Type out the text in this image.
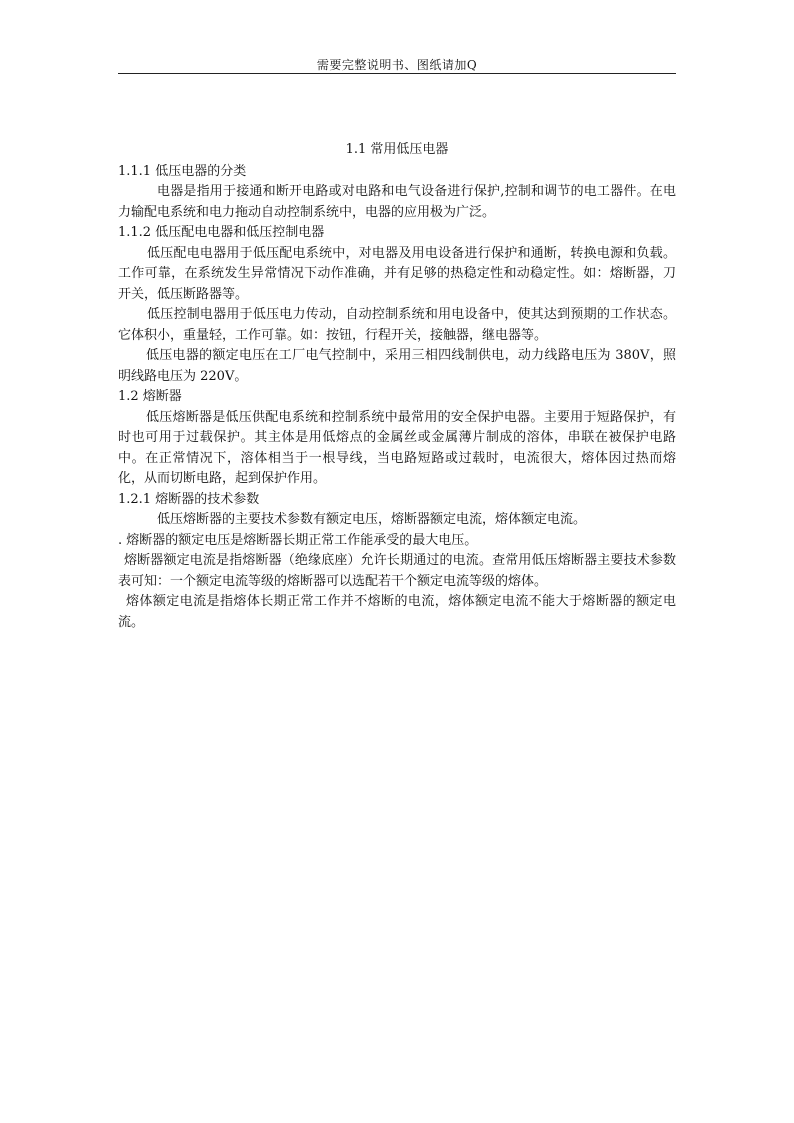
需要完整说明书、图纸请加Q

1.1 常用低压电器

1.1.1 低压电器的分类

电器是指用于接通和断开电路或对电路和电气设备进行保护,控制和调节的电工器件。在电力输配电系统和电力拖动自动控制系统中，电器的应用极为广泛。

1.1.2 低压配电电器和低压控制电器

低压配电电器用于低压配电系统中，对电器及用电设备进行保护和通断，转换电源和负载。工作可靠，在系统发生异常情况下动作准确，并有足够的热稳定性和动稳定性。如：熔断器，刀开关，低压断路器等。

低压控制电器用于低压电力传动，自动控制系统和用电设备中，使其达到预期的工作状态。它体积小，重量轻，工作可靠。如：按钮，行程开关，接触器，继电器等。

低压电器的额定电压在工厂电气控制中，采用三相四线制供电，动力线路电压为 380V，照明线路电压为 220V。

1.2 熔断器

低压熔断器是低压供配电系统和控制系统中最常用的安全保护电器。主要用于短路保护，有时也可用于过载保护。其主体是用低熔点的金属丝或金属薄片制成的溶体，串联在被保护电路中。在正常情况下，溶体相当于一根导线，当电路短路或过载时，电流很大，熔体因过热而熔化，从而切断电路，起到保护作用。

1.2.1 熔断器的技术参数

低压熔断器的主要技术参数有额定电压，熔断器额定电流，熔体额定电流。

. 熔断器的额定电压是熔断器长期正常工作能承受的最大电压。

熔断器额定电流是指熔断器（绝缘底座）允许长期通过的电流。查常用低压熔断器主要技术参数表可知：一个额定电流等级的熔断器可以选配若干个额定电流等级的熔体。

熔体额定电流是指熔体长期正常工作并不熔断的电流，熔体额定电流不能大于熔断器的额定电流。
